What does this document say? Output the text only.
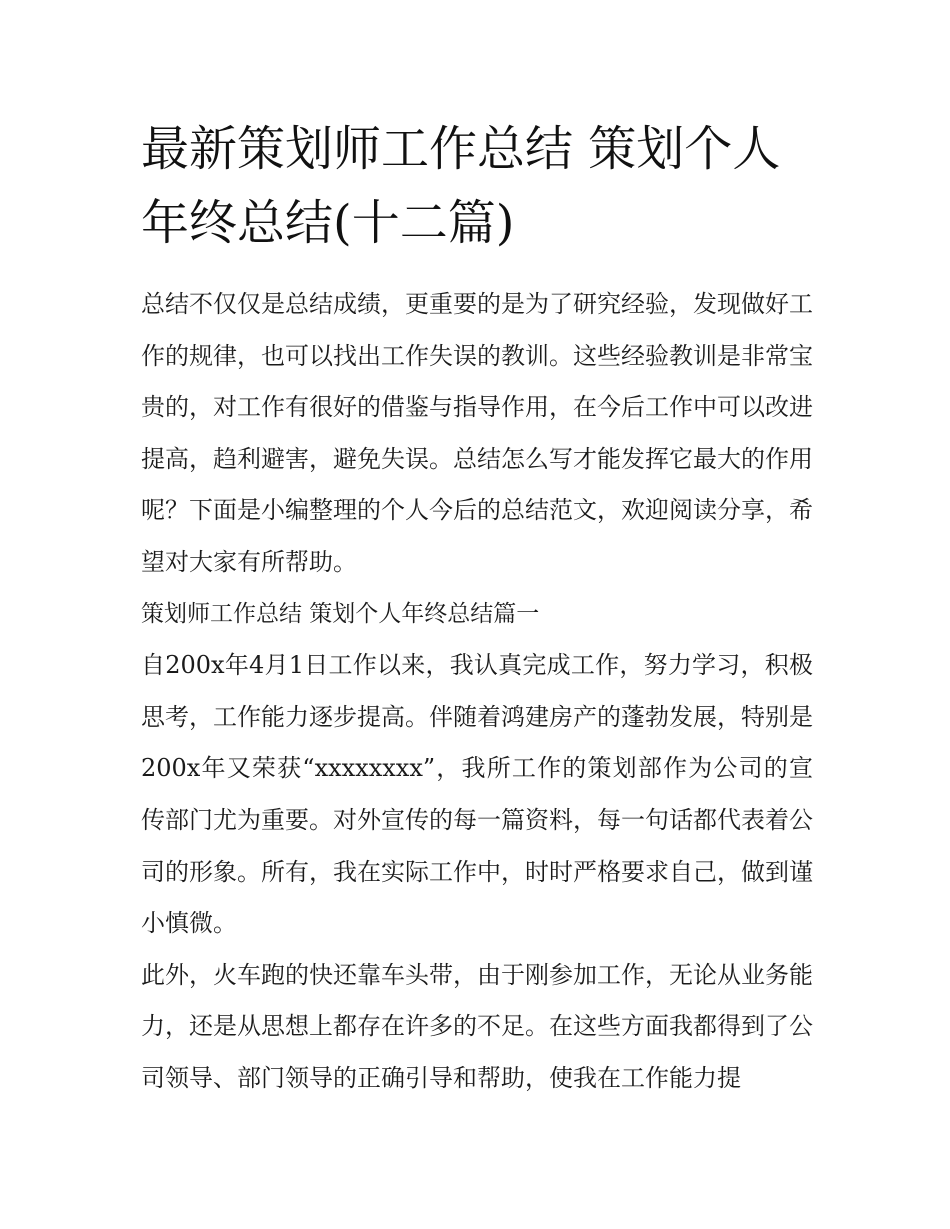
最新策划师工作总结 策划个人年终总结(十二篇)

总结不仅仅是总结成绩，更重要的是为了研究经验，发现做好工作的规律，也可以找出工作失误的教训。这些经验教训是非常宝贵的，对工作有很好的借鉴与指导作用，在今后工作中可以改进提高，趋利避害，避免失误。总结怎么写才能发挥它最大的作用呢？下面是小编整理的个人今后的总结范文，欢迎阅读分享，希望对大家有所帮助。

策划师工作总结 策划个人年终总结篇一

自200x年4月1日工作以来，我认真完成工作，努力学习，积极思考，工作能力逐步提高。伴随着鸿建房产的蓬勃发展，特别是200x年又荣获“xxxxxxxx”，我所工作的策划部作为公司的宣传部门尤为重要。对外宣传的每一篇资料，每一句话都代表着公司的形象。所有，我在实际工作中，时时严格要求自己，做到谨小慎微。

此外，火车跑的快还靠车头带，由于刚参加工作，无论从业务能力，还是从思想上都存在许多的不足。在这些方面我都得到了公司领导、部门领导的正确引导和帮助，使我在工作能力提
